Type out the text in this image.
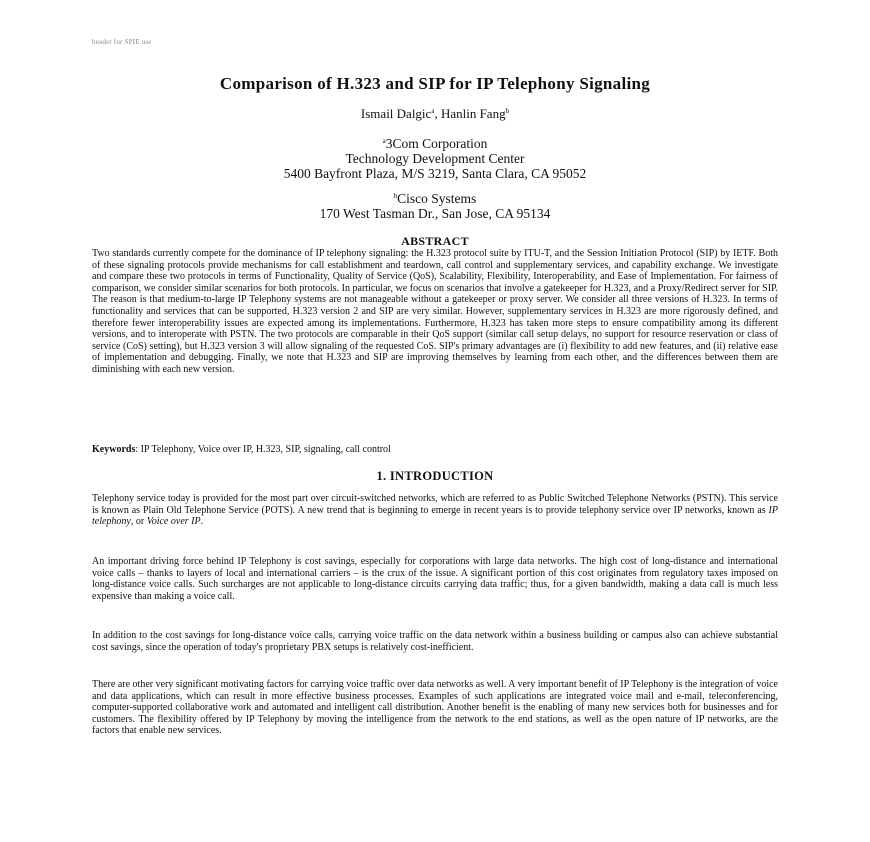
header for SPIE use
Comparison of H.323 and SIP for IP Telephony Signaling
Ismail Dalgic$^a$, Hanlin Fang$^b$
$^a$3Com Corporation
Technology Development Center
5400 Bayfront Plaza, M/S 3219, Santa Clara, CA 95052
$^b$Cisco Systems
170 West Tasman Dr., San Jose, CA 95134
ABSTRACT
Two standards currently compete for the dominance of IP telephony signaling: the H.323 protocol suite by ITU-T, and the Session Initiation Protocol (SIP) by IETF. Both of these signaling protocols provide mechanisms for call establishment and teardown, call control and supplementary services, and capability exchange. We investigate and compare these two protocols in terms of Functionality, Quality of Service (QoS), Scalability, Flexibility, Interoperability, and Ease of Implementation. For fairness of comparison, we consider similar scenarios for both protocols. In particular, we focus on scenarios that involve a gatekeeper for H.323, and a Proxy/Redirect server for SIP. The reason is that medium-to-large IP Telephony systems are not manageable without a gatekeeper or proxy server. We consider all three versions of H.323. In terms of functionality and services that can be supported, H.323 version 2 and SIP are very similar. However, supplementary services in H.323 are more rigorously defined, and therefore fewer interoperability issues are expected among its implementations. Furthermore, H.323 has taken more steps to ensure compatibility among its different versions, and to interoperate with PSTN. The two protocols are comparable in their QoS support (similar call setup delays, no support for resource reservation or class of service (CoS) setting), but H.323 version 3 will allow signaling of the requested CoS. SIP's primary advantages are (i) flexibility to add new features, and (ii) relative ease of implementation and debugging. Finally, we note that H.323 and SIP are improving themselves by learning from each other, and the differences between them are diminishing with each new version.
Keywords: IP Telephony, Voice over IP, H.323, SIP, signaling, call control
1. INTRODUCTION
Telephony service today is provided for the most part over circuit-switched networks, which are referred to as Public Switched Telephone Networks (PSTN). This service is known as Plain Old Telephone Service (POTS). A new trend that is beginning to emerge in recent years is to provide telephony service over IP networks, known as IP telephony, or Voice over IP.
An important driving force behind IP Telephony is cost savings, especially for corporations with large data networks. The high cost of long-distance and international voice calls – thanks to layers of local and international carriers – is the crux of the issue. A significant portion of this cost originates from regulatory taxes imposed on long-distance voice calls. Such surcharges are not applicable to long-distance circuits carrying data traffic; thus, for a given bandwidth, making a data call is much less expensive than making a voice call.
In addition to the cost savings for long-distance voice calls, carrying voice traffic on the data network within a business building or campus also can achieve substantial cost savings, since the operation of today's proprietary PBX setups is relatively cost-inefficient.
There are other very significant motivating factors for carrying voice traffic over data networks as well. A very important benefit of IP Telephony is the integration of voice and data applications, which can result in more effective business processes. Examples of such applications are integrated voice mail and e-mail, teleconferencing, computer-supported collaborative work and automated and intelligent call distribution. Another benefit is the enabling of many new services both for businesses and for customers. The flexibility offered by IP Telephony by moving the intelligence from the network to the end stations, as well as the open nature of IP networks, are the factors that enable new services.
